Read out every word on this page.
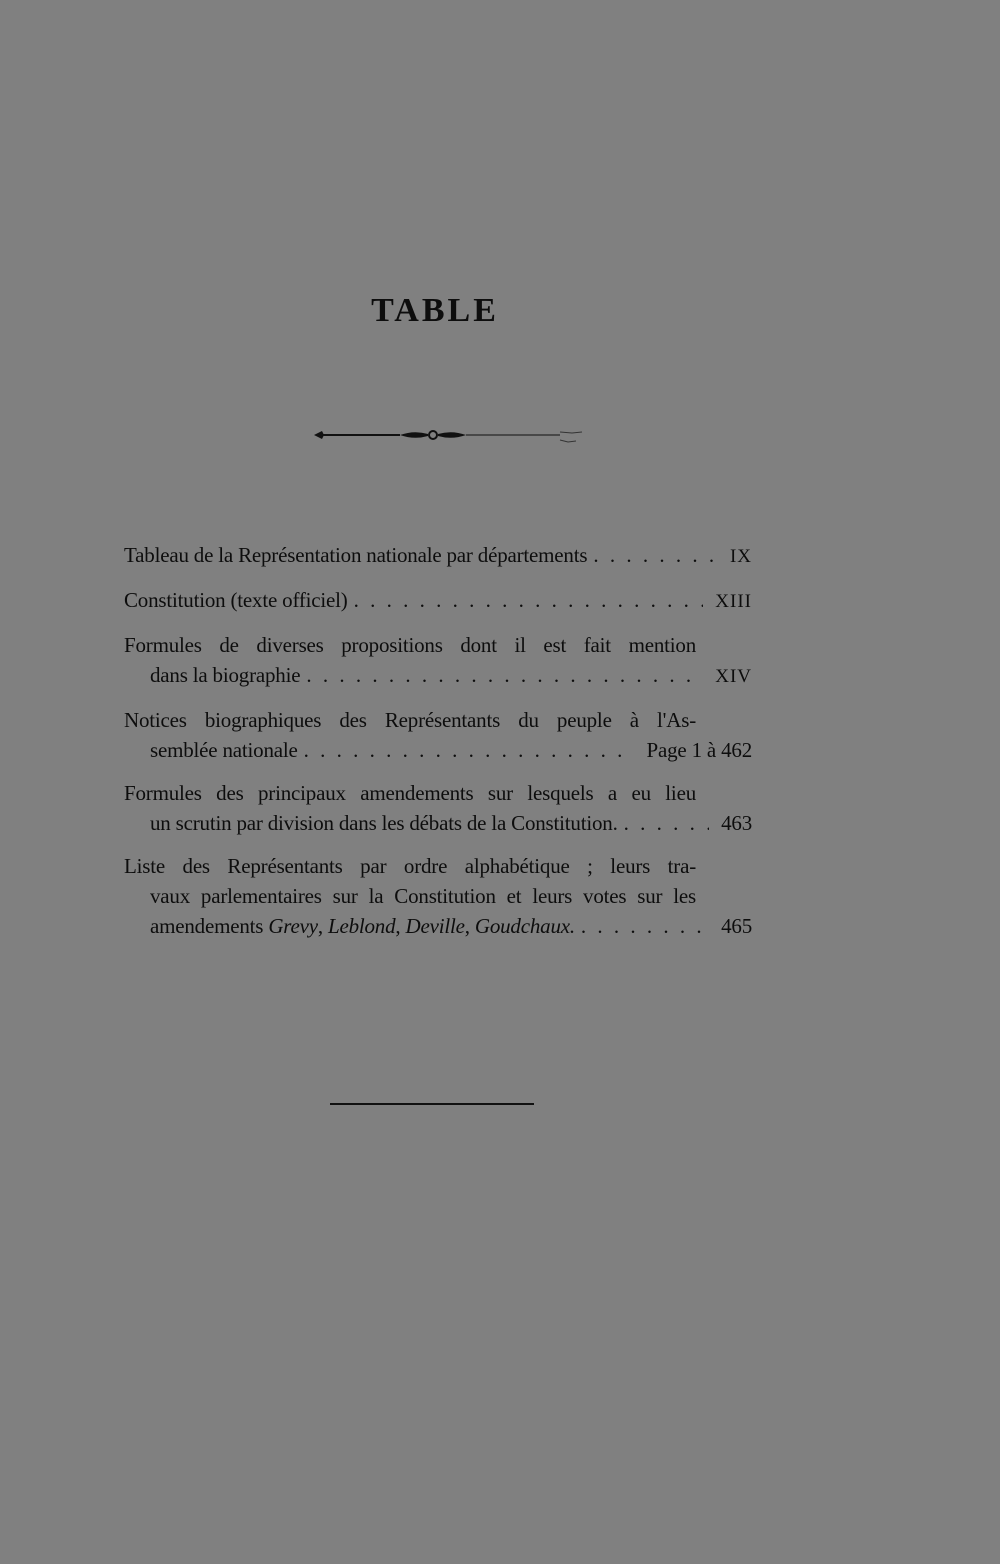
TABLE
Tableau de la Représentation nationale par départements . . .	IX
Constitution (texte officiel) . . .	XIII
Formules de diverses propositions dont il est fait mention
dans la biographie . . .	XIV
Notices biographiques des Représentants du peuple à l'As-
semblée nationale . . .	Page 1 à 462
Formules des principaux amendements sur lesquels a eu lieu
un scrutin par division dans les débats de la Constitution. . . .	463
Liste des Représentants par ordre alphabétique ; leurs tra-
vaux parlementaires sur la Constitution et leurs votes sur les
amendements Grevy, Leblond, Deville, Goudchaux. . . .	465
